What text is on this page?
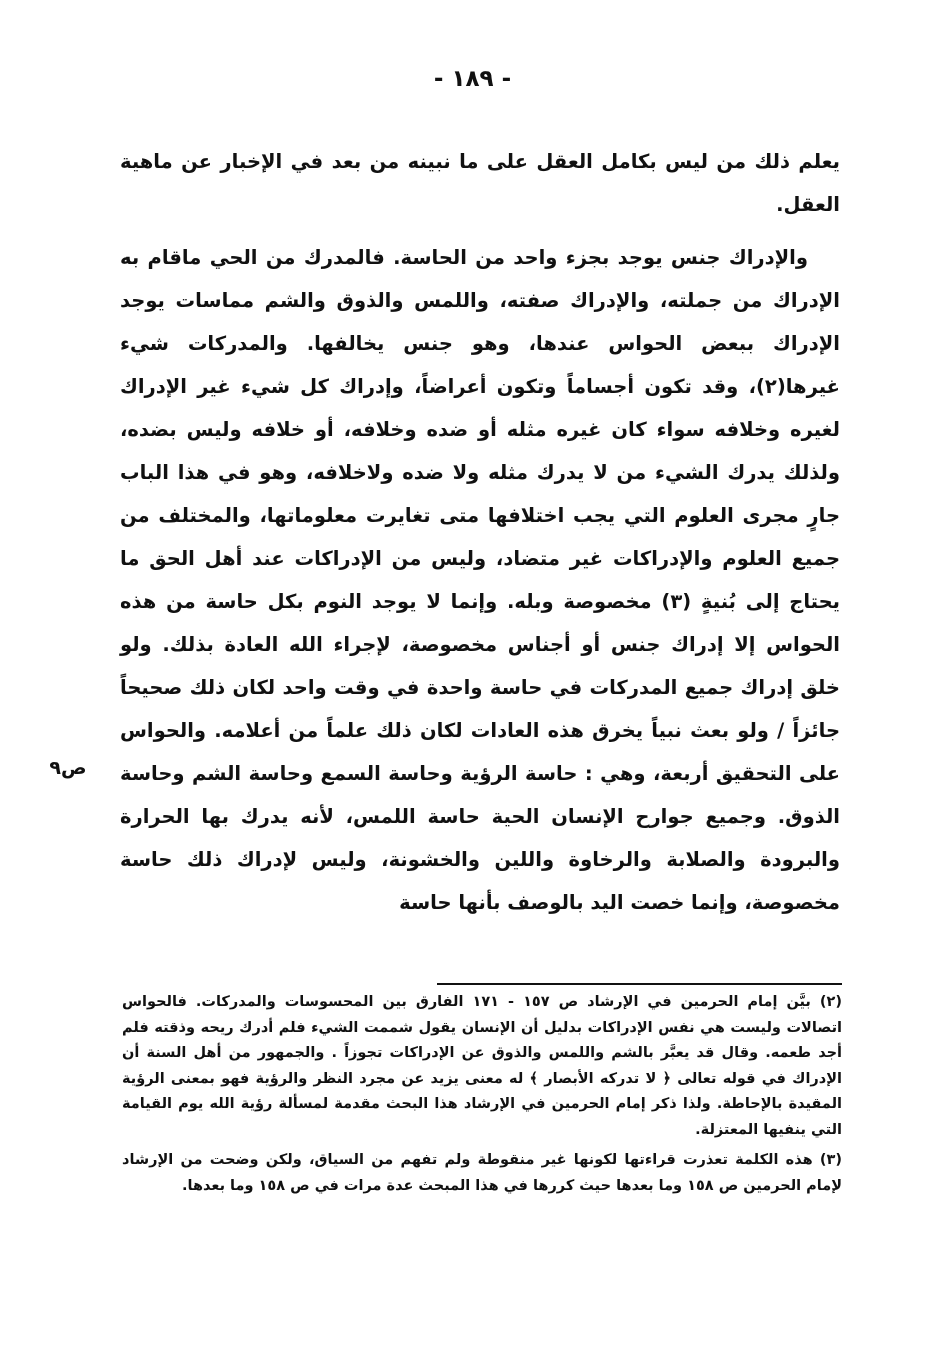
- ١٨٩ -

يعلم ذلك من ليس بكامل العقل على ما نبينه من بعد في الإخبار عن ماهية العقل.

والإدراك جنس يوجد بجزء واحد من الحاسة. فالمدرك من الحي ماقام به الإدراك من جملته، والإدراك صفته، واللمس والذوق والشم مماسات يوجد الإدراك ببعض الحواس عندها، وهو جنس يخالفها. والمدركات شيء غيرها(٢)، وقد تكون أجساماً وتكون أعراضاً، وإدراك كل شيء غير الإدراك لغيره وخلافه سواء كان غيره مثله أو ضده وخلافه، أو خلافه وليس بضده، ولذلك يدرك الشيء من لا يدرك مثله ولا ضده ولاخلافه، وهو في هذا الباب جارٍ مجرى العلوم التي يجب اختلافها متى تغايرت معلوماتها، والمختلف من جميع العلوم والإدراكات غير متضاد، وليس من الإدراكات عند أهل الحق ما يحتاج إلى بُنيةٍ (٣) مخصوصة وبله. وإنما لا يوجد النوم بكل حاسة من هذه الحواس إلا إدراك جنس أو أجناس مخصوصة، لإجراء الله العادة بذلك. ولو خلق إدراك جميع المدركات في حاسة واحدة في وقت واحد لكان ذلك صحيحاً جائزاً / ولو بعث نبياً يخرق هذه العادات لكان ذلك علماً من أعلامه. والحواس على التحقيق أربعة، وهي : حاسة الرؤية وحاسة السمع وحاسة الشم وحاسة الذوق. وجميع جوارح الإنسان الحية حاسة اللمس، لأنه يدرك بها الحرارة والبرودة والصلابة والرخاوة واللين والخشونة، وليس لإدراك ذلك حاسة مخصوصة، وإنما خصت اليد بالوصف بأنها حاسة

ص٩

(٢) بيَّن إمام الحرمين في الإرشاد ص ١٥٧ - ١٧١ الفارق بين المحسوسات والمدركات. فالحواس اتصالات وليست هي نفس الإدراكات بدليل أن الإنسان يقول شممت الشيء فلم أدرك ريحه وذقته فلم أجد طعمه. وقال قد يعبَّر بالشم واللمس والذوق عن الإدراكات تجوزاً . والجمهور من أهل السنة أن الإدراك في قوله تعالى ﴿ لا تدركه الأبصار ﴾ له معنى يزيد عن مجرد النظر والرؤية فهو بمعنى الرؤية المقيدة بالإحاطة. ولذا ذكر إمام الحرمين في الإرشاد هذا البحث مقدمة لمسألة رؤية الله يوم القيامة التي ينفيها المعتزلة.

(٣) هذه الكلمة تعذرت قراءتها لكونها غير منقوطة ولم تفهم من السياق، ولكن وضحت من الإرشاد لإمام الحرمين ص ١٥٨ وما بعدها حيث كررها في هذا المبحث عدة مرات في ص ١٥٨ وما بعدها.
